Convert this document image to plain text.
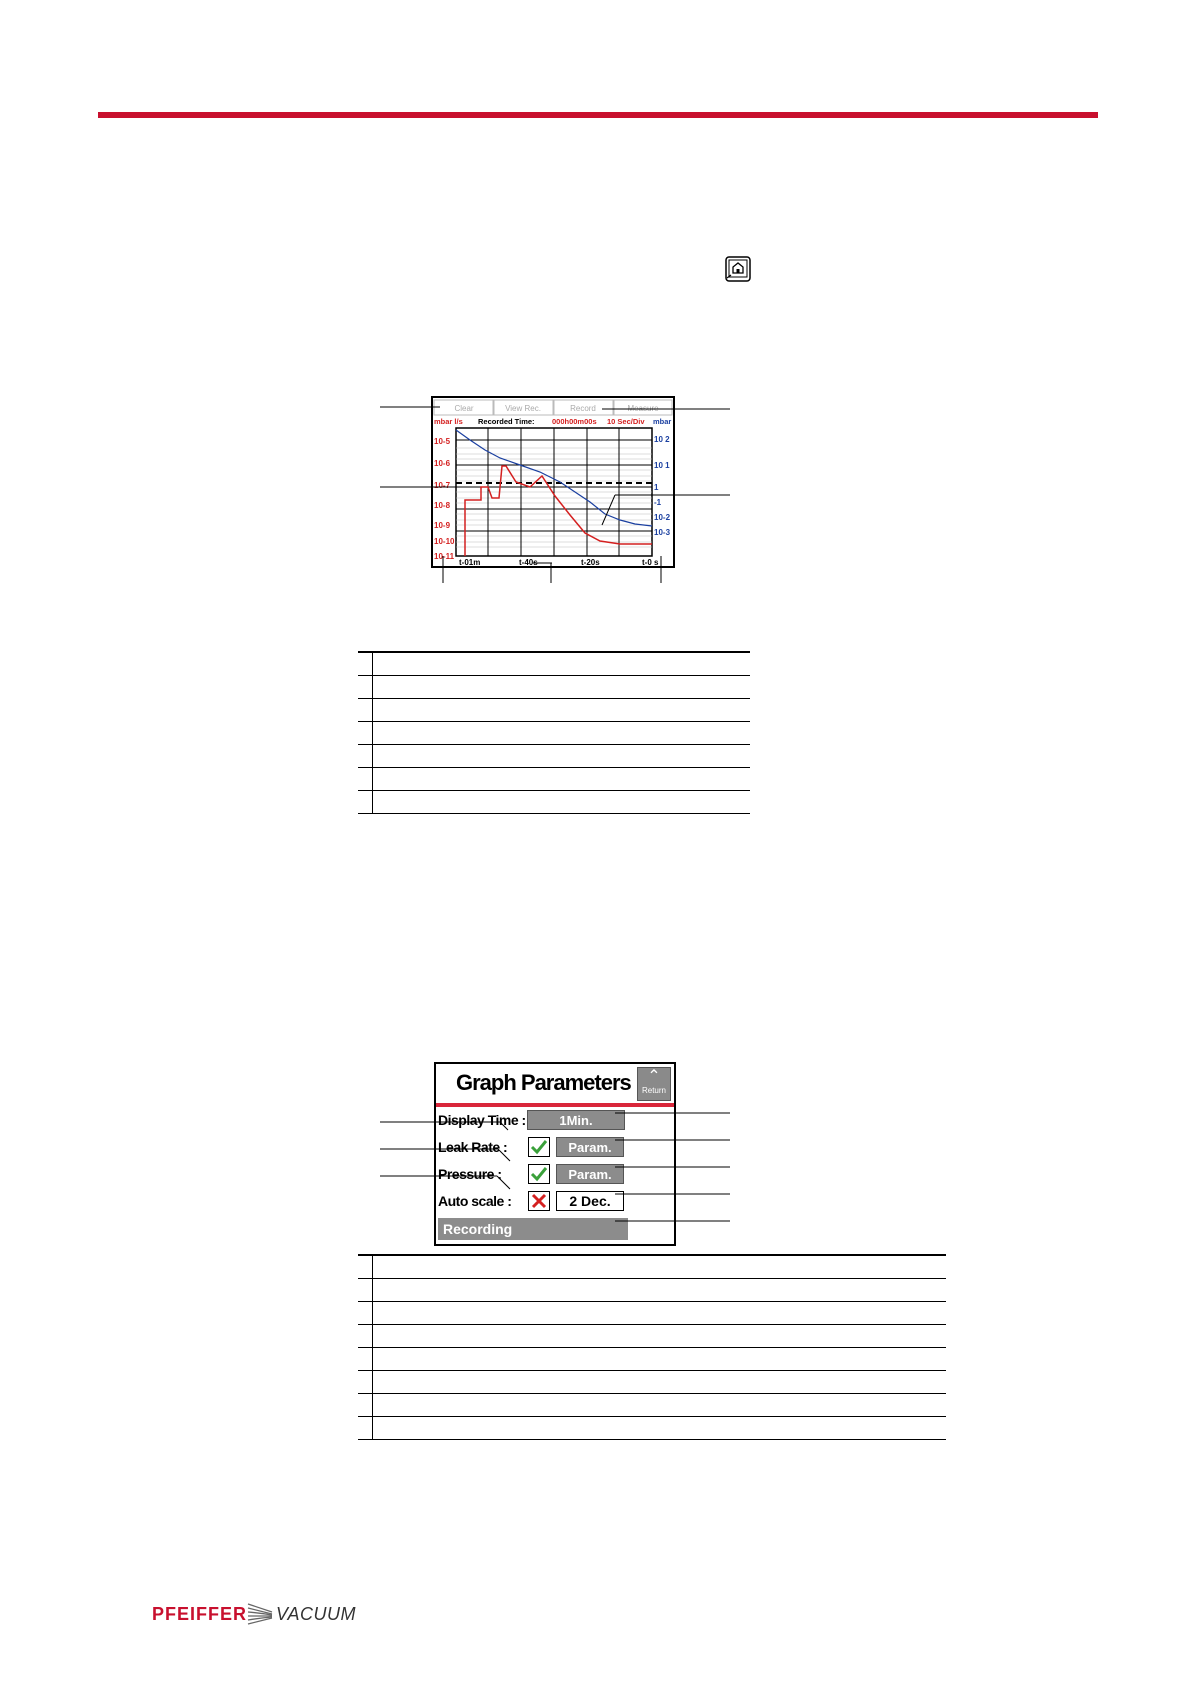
Clear	View Rec.	Record	Measure
mbar l/s Recorded Time: 000h00m00s 10 Sec/Div mbar
10-5
10-6
10-7
10-8
10-9
10-10
10-11
10 2
10 1
1
-1
10-2
10-3
t-01m	t-40s	t-20s	t-0 s

Graph Parameters	⌃
Return
Display Time :	1Min.
Leak Rate :	Param.
Pressure :	Param.
Auto scale :	2 Dec.
Recording

PFEIFFER VACUUM
